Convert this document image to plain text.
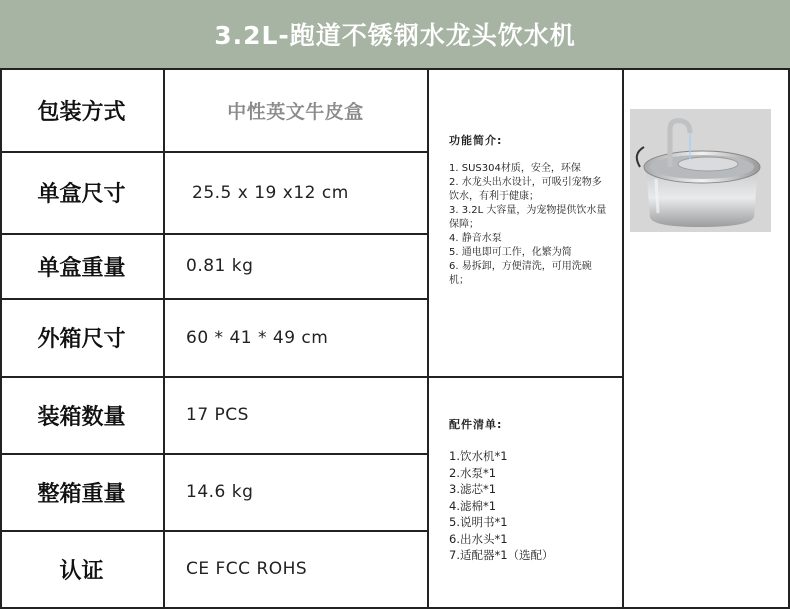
3.2L-跑道不锈钢水龙头饮水机
包装方式	中性英文牛皮盒
单盒尺寸	25.5 x 19 x12 cm
单盒重量	0.81 kg
外箱尺寸	60 * 41 * 49 cm
装箱数量	17 PCS
整箱重量	14.6 kg
认证	CE FCC ROHS
功能简介:

1. SUS304材质，安全，环保

2. 水龙头出水设计，可吸引宠物多饮水，有利于健康；

3. 3.2L 大容量，为宠物提供饮水量保障；

4. 静音水泵

5. 通电即可工作，化繁为简

6. 易拆卸，方便清洗，可用洗碗机；

配件清单:

1.饮水机*1

2.水泵*1

3.滤芯*1

4.滤棉*1

5.说明书*1

6.出水头*1

7.适配器*1（选配）
